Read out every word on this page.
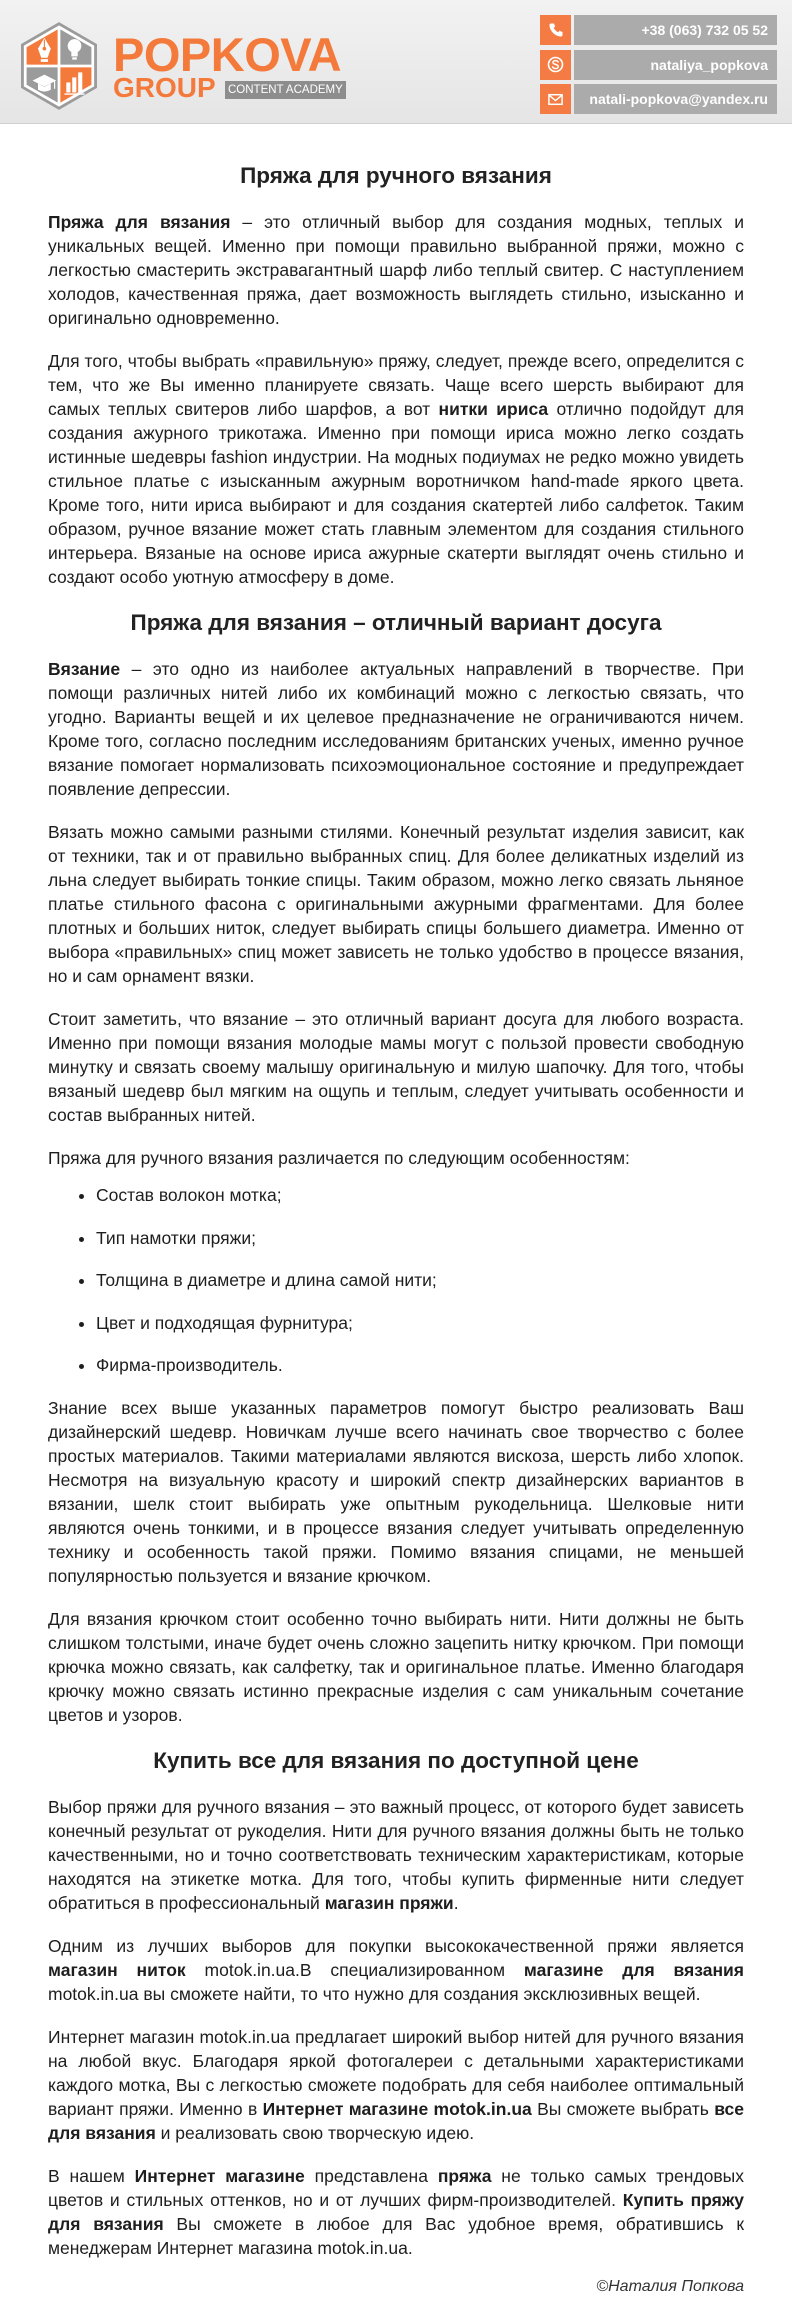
POPKOVA
GROUP CONTENT ACADEMY
+38 (063) 732 05 52
nataliya_popkova
natali-popkova@yandex.ru
Пряжа для ручного вязания

Пряжа для вязания – это отличный выбор для создания модных, теплых и уникальных вещей. Именно при помощи правильно выбранной пряжи, можно с легкостью смастерить экстравагантный шарф либо теплый свитер. С наступлением холодов, качественная пряжа, дает возможность выглядеть стильно, изысканно и оригинально одновременно.

Для того, чтобы выбрать «правильную» пряжу, следует, прежде всего, определится с тем, что же Вы именно планируете связать. Чаще всего шерсть выбирают для самых теплых свитеров либо шарфов, а вот нитки ириса отлично подойдут для создания ажурного трикотажа. Именно при помощи ириса можно легко создать истинные шедевры fashion индустрии. На модных подиумах не редко можно увидеть стильное платье с изысканным ажурным воротничком hand-made яркого цвета. Кроме того, нити ириса выбирают и для создания скатертей либо салфеток. Таким образом, ручное вязание может стать главным элементом для создания стильного интерьера. Вязаные на основе ириса ажурные скатерти выглядят очень стильно и создают особо уютную атмосферу в доме.

Пряжа для вязания – отличный вариант досуга

Вязание – это одно из наиболее актуальных направлений в творчестве. При помощи различных нитей либо их комбинаций можно с легкостью связать, что угодно. Варианты вещей и их целевое предназначение не ограничиваются ничем. Кроме того, согласно последним исследованиям британских ученых, именно ручное вязание помогает нормализовать психоэмоциональное состояние и предупреждает появление депрессии.

Вязать можно самыми разными стилями. Конечный результат изделия зависит, как от техники, так и от правильно выбранных спиц. Для более деликатных изделий из льна следует выбирать тонкие спицы. Таким образом, можно легко связать льняное платье стильного фасона с оригинальными ажурными фрагментами. Для более плотных и больших ниток, следует выбирать спицы большего диаметра. Именно от выбора «правильных» спиц может зависеть не только удобство в процессе вязания, но и сам орнамент вязки.

Стоит заметить, что вязание – это отличный вариант досуга для любого возраста. Именно при помощи вязания молодые мамы могут с пользой провести свободную минутку и связать своему малышу оригинальную и милую шапочку. Для того, чтобы вязаный шедевр был мягким на ощупь и теплым, следует учитывать особенности и состав выбранных нитей.

Пряжа для ручного вязания различается по следующим особенностям:

• Состав волокон мотка;
• Тип намотки пряжи;
• Толщина в диаметре и длина самой нити;
• Цвет и подходящая фурнитура;
• Фирма-производитель.

Знание всех выше указанных параметров помогут быстро реализовать Ваш дизайнерский шедевр. Новичкам лучше всего начинать свое творчество с более простых материалов. Такими материалами являются вискоза, шерсть либо хлопок. Несмотря на визуальную красоту и широкий спектр дизайнерских вариантов в вязании, шелк стоит выбирать уже опытным рукодельница. Шелковые нити являются очень тонкими, и в процессе вязания следует учитывать определенную технику и особенность такой пряжи. Помимо вязания спицами, не меньшей популярностью пользуется и вязание крючком.

Для вязания крючком стоит особенно точно выбирать нити. Нити должны не быть слишком толстыми, иначе будет очень сложно зацепить нитку крючком. При помощи крючка можно связать, как салфетку, так и оригинальное платье. Именно благодаря крючку можно связать истинно прекрасные изделия с сам уникальным сочетание цветов и узоров.

Купить все для вязания по доступной цене

Выбор пряжи для ручного вязания – это важный процесс, от которого будет зависеть конечный результат от рукоделия. Нити для ручного вязания должны быть не только качественными, но и точно соответствовать техническим характеристикам, которые находятся на этикетке мотка. Для того, чтобы купить фирменные нити следует обратиться в профессиональный магазин пряжи.

Одним из лучших выборов для покупки высококачественной пряжи является магазин ниток motok.in.ua.В специализированном магазине для вязания motok.in.ua вы сможете найти, то что нужно для создания эксклюзивных вещей.

Интернет магазин motok.in.ua предлагает широкий выбор нитей для ручного вязания на любой вкус. Благодаря яркой фотогалереи с детальными характеристиками каждого мотка, Вы с легкостью сможете подобрать для себя наиболее оптимальный вариант пряжи. Именно в Интернет магазине motok.in.ua Вы сможете выбрать все для вязания и реализовать свою творческую идею.

В нашем Интернет магазине представлена пряжа не только самых трендовых цветов и стильных оттенков, но и от лучших фирм-производителей. Купить пряжу для вязания Вы сможете в любое для Вас удобное время, обратившись к менеджерам Интернет магазина motok.in.ua.

©Наталия Попкова
